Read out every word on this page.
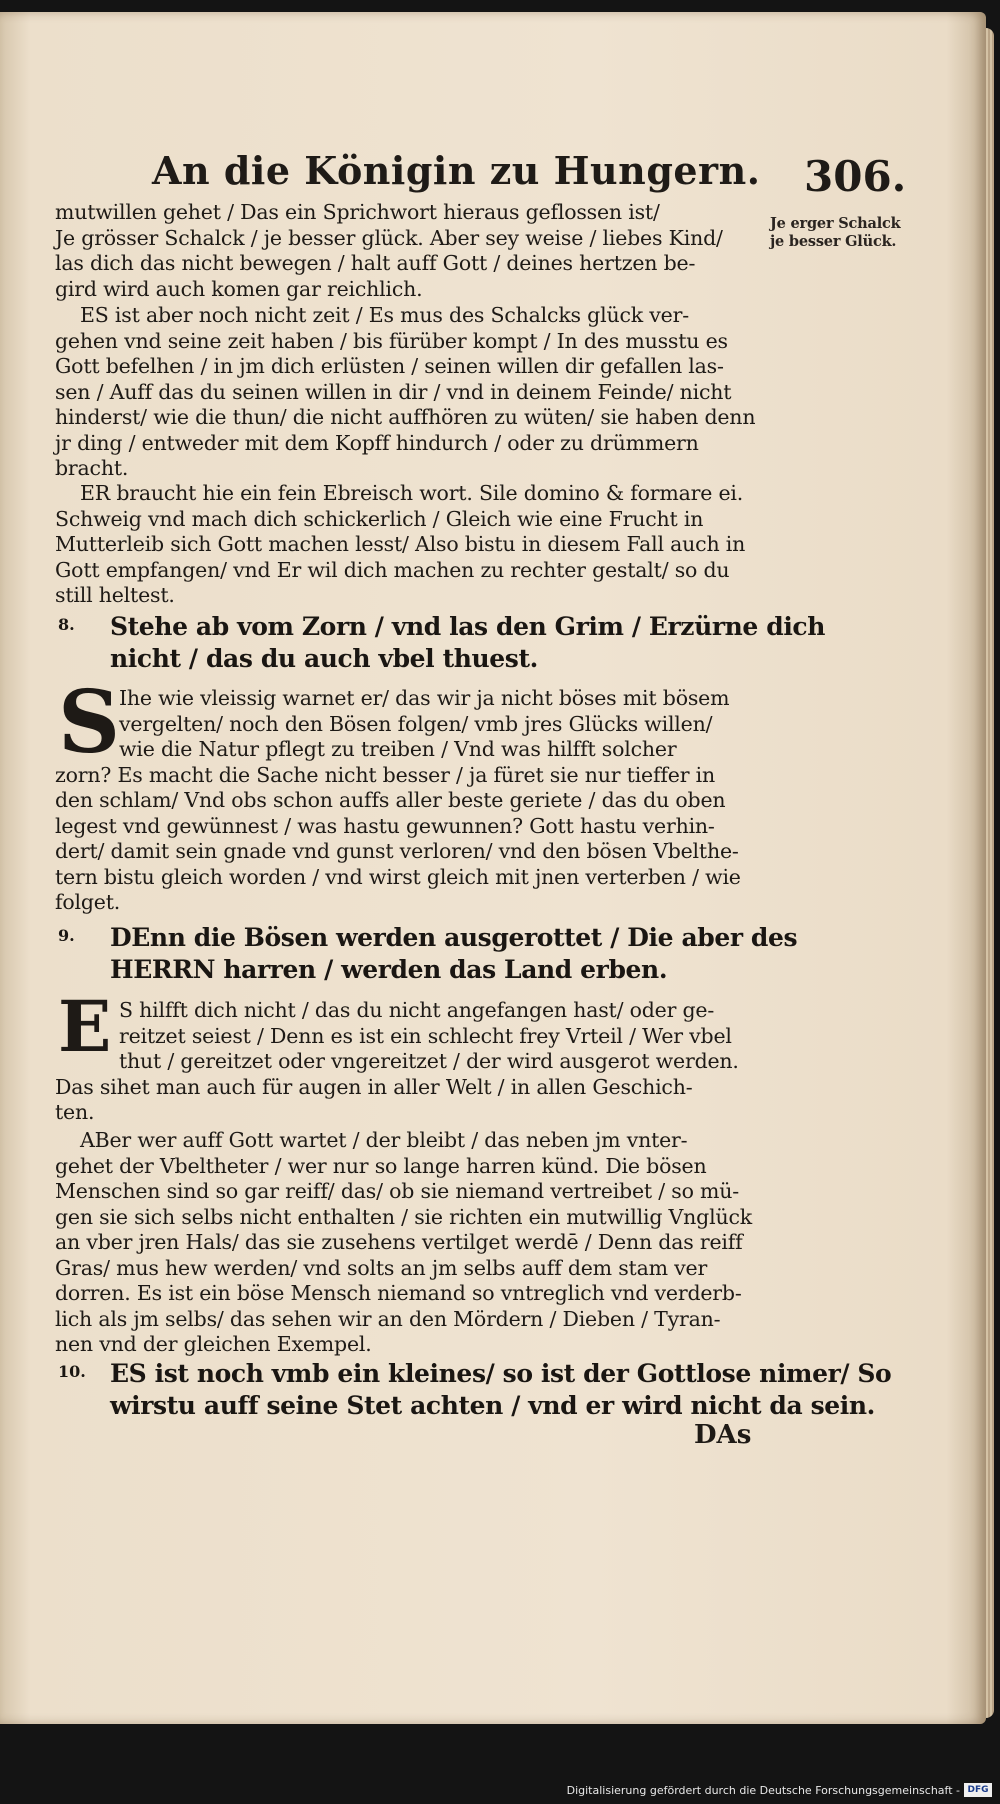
An die Königin zu Hungern. 306.
Je erger Schalck
je besser Glück.
mutwillen gehet / Das ein Sprichwort hieraus geflossen ist/
Je grösser Schalck / je besser glück. Aber sey weise / liebes Kind/
las dich das nicht bewegen / halt auff Gott / deines hertzen be-
gird wird auch komen gar reichlich.
ES ist aber noch nicht zeit / Es mus des Schalcks glück ver-
gehen vnd seine zeit haben / bis fürüber kompt / In des musstu es
Gott befelhen / in jm dich erlüsten / seinen willen dir gefallen las-
sen / Auff das du seinen willen in dir / vnd in deinem Feinde/ nicht
hinderst/ wie die thun/ die nicht auffhören zu wüten/ sie haben denn
jr ding / entweder mit dem Kopff hindurch / oder zu drümmern
bracht.
ER braucht hie ein fein Ebreisch wort. Sile domino & formare ei.
Schweig vnd mach dich schickerlich / Gleich wie eine Frucht in
Mutterleib sich Gott machen lesst/ Also bistu in diesem Fall auch in
Gott empfangen/ vnd Er wil dich machen zu rechter gestalt/ so du
still heltest.
8.	Stehe ab vom Zorn / vnd las den Grim / Erzürne dich
nicht / das du auch vbel thuest.
S
Ihe wie vleissig warnet er/ das wir ja nicht böses mit bösem
vergelten/ noch den Bösen folgen/ vmb jres Glücks willen/
wie die Natur pflegt zu treiben / Vnd was hilfft solcher
zorn? Es macht die Sache nicht besser / ja füret sie nur tieffer in
den schlam/ Vnd obs schon auffs aller beste geriete / das du oben
legest vnd gewünnest / was hastu gewunnen? Gott hastu verhin-
dert/ damit sein gnade vnd gunst verloren/ vnd den bösen Vbelthe-
tern bistu gleich worden / vnd wirst gleich mit jnen verterben / wie
folget.
9.	DEnn die Bösen werden ausgerottet / Die aber des
HERRN harren / werden das Land erben.
E S hilfft dich nicht / das du nicht angefangen hast/ oder ge-
reitzet seiest / Denn es ist ein schlecht frey Vrteil / Wer vbel
thut / gereitzet oder vngereitzet / der wird ausgerot werden.
Das sihet man auch für augen in aller Welt / in allen Geschich-
ten.
ABer wer auff Gott wartet / der bleibt / das neben jm vnter-
gehet der Vbeltheter / wer nur so lange harren künd. Die bösen
Menschen sind so gar reiff/ das/ ob sie niemand vertreibet / so mü-
gen sie sich selbs nicht enthalten / sie richten ein mutwillig Vnglück
an vber jren Hals/ das sie zusehens vertilget werdē / Denn das reiff
Gras/ mus hew werden/ vnd solts an jm selbs auff dem stam ver
dorren. Es ist ein böse Mensch niemand so vntreglich vnd verderb-
lich als jm selbs/ das sehen wir an den Mördern / Dieben / Tyran-
nen vnd der gleichen Exempel.
10. ES ist noch vmb ein kleines/ so ist der Gottlose nimer/ So
wirstu auff seine Stet achten / vnd er wird nicht da sein.
DAs
Digitalisierung gefördert durch die Deutsche Forschungsgemeinschaft - DFG
